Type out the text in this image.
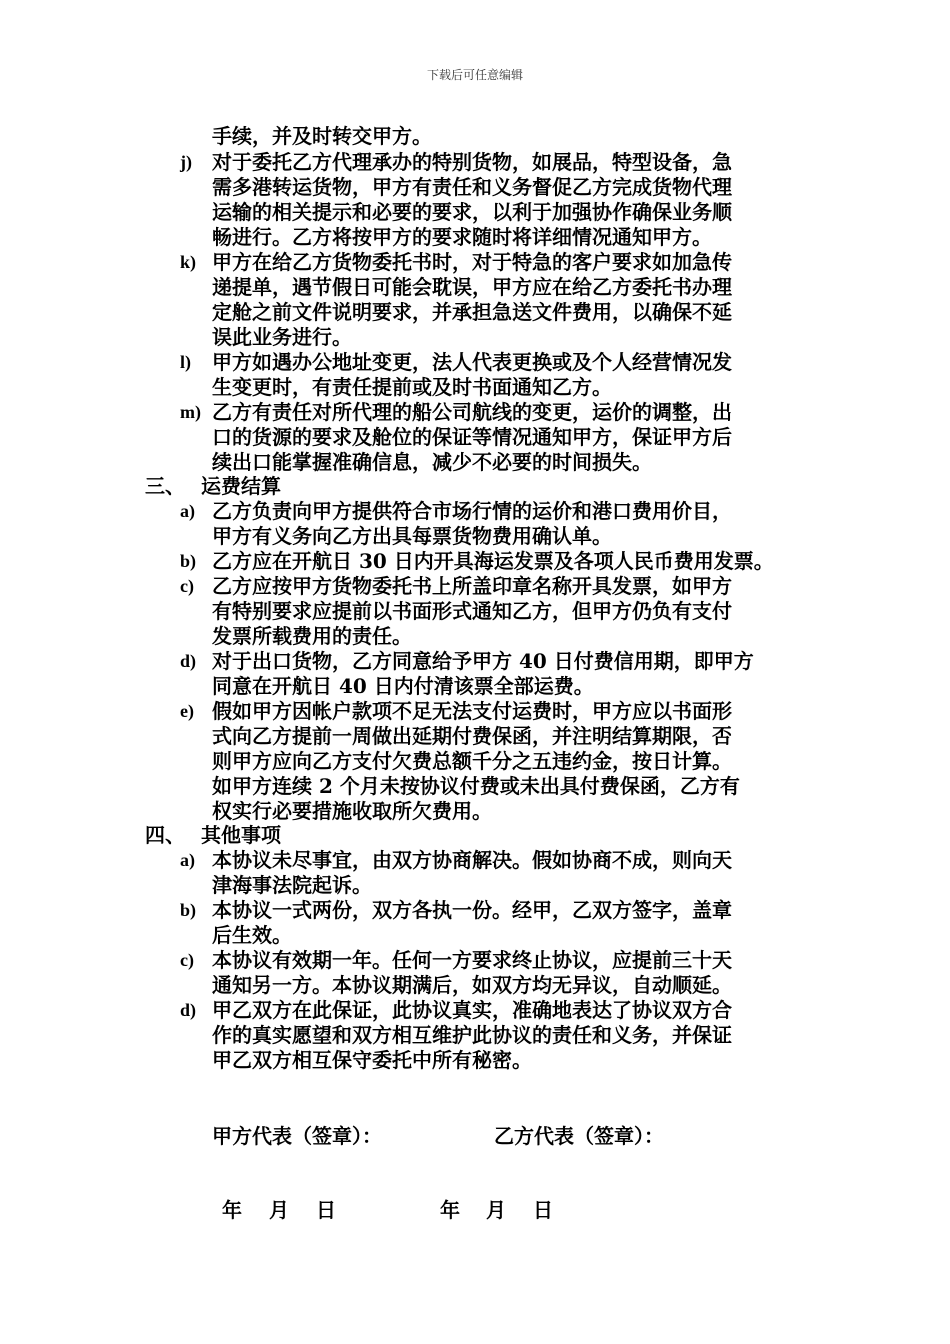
下载后可任意编辑
手续，并及时转交甲方。
j) 对于委托乙方代理承办的特别货物，如展品，特型设备，急
需多港转运货物，甲方有责任和义务督促乙方完成货物代理
运输的相关提示和必要的要求，以利于加强协作确保业务顺
畅进行。乙方将按甲方的要求随时将详细情况通知甲方。
k) 甲方在给乙方货物委托书时，对于特急的客户要求如加急传
递提单，遇节假日可能会耽误，甲方应在给乙方委托书办理
定舱之前文件说明要求，并承担急送文件费用，以确保不延
误此业务进行。
l) 甲方如遇办公地址变更，法人代表更换或及个人经营情况发
生变更时，有责任提前或及时书面通知乙方。
m) 乙方有责任对所代理的船公司航线的变更，运价的调整，出
口的货源的要求及舱位的保证等情况通知甲方，保证甲方后
续出口能掌握准确信息，减少不必要的时间损失。
三、 运费结算
a) 乙方负责向甲方提供符合市场行情的运价和港口费用价目，
甲方有义务向乙方出具每票货物费用确认单。
b) 乙方应在开航日 30 日内开具海运发票及各项人民币费用发票。
c) 乙方应按甲方货物委托书上所盖印章名称开具发票，如甲方
有特别要求应提前以书面形式通知乙方，但甲方仍负有支付
发票所载费用的责任。
d) 对于出口货物，乙方同意给予甲方 40 日付费信用期，即甲方
同意在开航日 40 日内付清该票全部运费。
e) 假如甲方因帐户款项不足无法支付运费时，甲方应以书面形
式向乙方提前一周做出延期付费保函，并注明结算期限，否
则甲方应向乙方支付欠费总额千分之五违约金，按日计算。
如甲方连续 2 个月未按协议付费或未出具付费保函，乙方有
权实行必要措施收取所欠费用。
四、 其他事项
a) 本协议未尽事宜，由双方协商解决。假如协商不成，则向天
津海事法院起诉。
b) 本协议一式两份，双方各执一份。经甲，乙双方签字，盖章
后生效。
c) 本协议有效期一年。任何一方要求终止协议，应提前三十天
通知另一方。本协议期满后，如双方均无异议，自动顺延。
d) 甲乙双方在此保证，此协议真实，准确地表达了协议双方合
作的真实愿望和双方相互维护此协议的责任和义务，并保证
甲乙双方相互保守委托中所有秘密。
甲方代表（签章）：	乙方代表（签章）：
年 月 日	年 月 日
